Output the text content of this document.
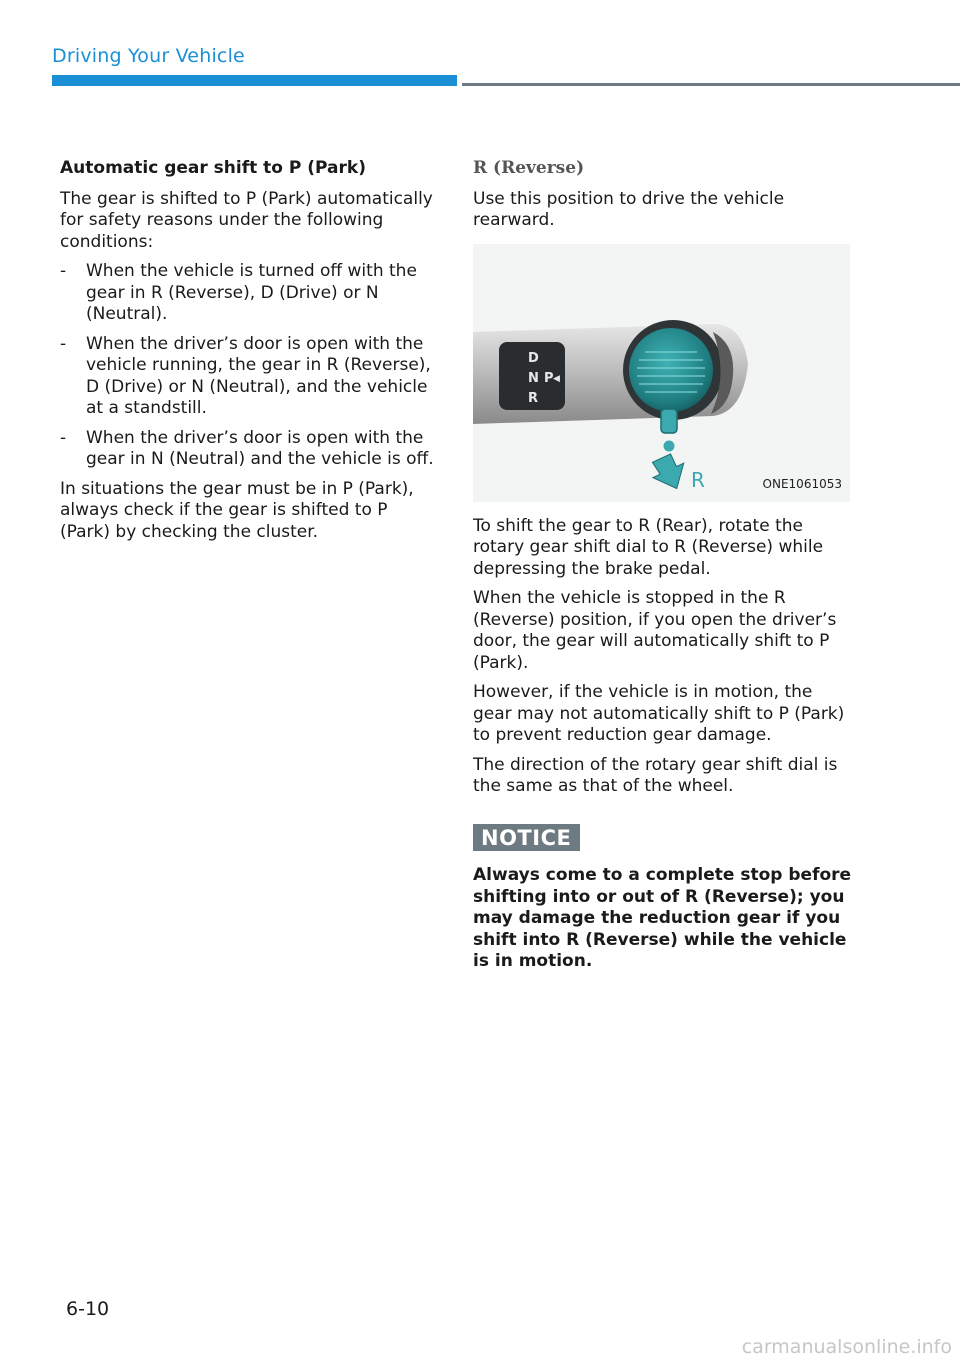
Driving Your Vehicle
Automatic gear shift to P (Park)

The gear is shifted to P (Park) automatically for safety reasons under the following conditions:

- When the vehicle is turned off with the gear in R (Reverse), D (Drive) or N (Neutral).
- When the driver’s door is open with the vehicle running, the gear in R (Reverse), D (Drive) or N (Neutral), and the vehicle at a standstill.
- When the driver’s door is open with the gear in N (Neutral) and the vehicle is off.

In situations the gear must be in P (Park), always check if the gear is shifted to P (Park) by checking the cluster.

R (Reverse)

Use this position to drive the vehicle rearward.

D
N P
R
◀
R	ONE1061053

To shift the gear to R (Rear), rotate the rotary gear shift dial to R (Reverse) while depressing the brake pedal.

When the vehicle is stopped in the R (Reverse) position, if you open the driver’s door, the gear will automatically shift to P (Park).

However, if the vehicle is in motion, the gear may not automatically shift to P (Park) to prevent reduction gear damage.

The direction of the rotary gear shift dial is the same as that of the wheel.

NOTICE
Always come to a complete stop before shifting into or out of R (Reverse); you may damage the reduction gear if you shift into R (Reverse) while the vehicle is in motion.
6-10
carmanualsonline.info
